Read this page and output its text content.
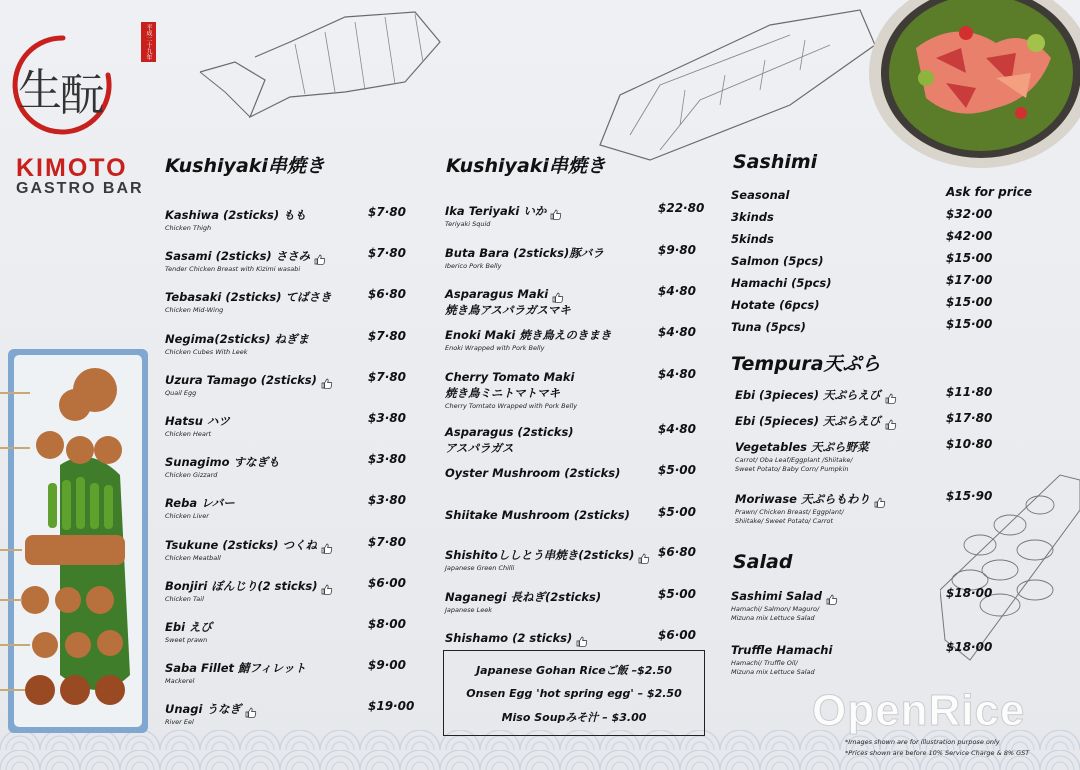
生
酛
平成二十九年
KIMOTO
GASTRO BAR
Kushiyaki串焼き
Kashiwa (2sticks) もも
Chicken Thigh
$7·80
Sasami (2sticks) ささみ
Tender Chicken Breast with Kizimi wasabi
$7·80
Tebasaki (2sticks) てばさき
Chicken Mid-Wing
$6·80
Negima(2sticks) ねぎま
Chicken Cubes With Leek
$7·80
Uzura Tamago (2sticks)
Quail Egg
$7·80
Hatsu ハツ
Chicken Heart
$3·80
Sunagimo すなぎも
Chicken Gizzard
$3·80
Reba レバー
Chicken Liver
$3·80
Tsukune (2sticks) つくね
Chicken Meatball
$7·80
Bonjiri ぼんじり(2 sticks)
Chicken Tail
$6·00
Ebi えび
Sweet prawn
$8·00
Saba Fillet 鯖フィレット
Mackerel
$9·00
Unagi うなぎ
River Eel
$19·00
Kushiyaki串焼き
Ika Teriyaki いか
Teriyaki Squid
$22·80
Buta Bara (2sticks)豚バラ
Iberico Pork Belly
$9·80
Asparagus Maki
焼き鳥アスパラガスマキ
$4·80
Enoki Maki 焼き鳥えのきまき
Enoki Wrapped with Pork Belly
$4·80
Cherry Tomato Maki
焼き鳥ミニトマトマキ
Cherry Tomtato Wrapped with Pork Belly
$4·80
Asparagus (2sticks)
アスパラガス
$4·80
Oyster Mushroom (2sticks)	$5·00
Shiitake Mushroom (2sticks) $5·00
Shishitoししとう串焼き(2sticks)
Japanese Green Chilli
$6·80
Naganegi 長ねぎ(2sticks)
Japanese Leek
$5·00
Shishamo (2 sticks)	$6·00
Japanese Gohan Riceご飯 –$2.50
Onsen Egg 'hot spring egg' – $2.50
Miso Soupみそ汁 – $3.00
Sashimi
Seasonal	Ask for price
3kinds	$32·00
5kinds	$42·00
Salmon (5pcs)	$15·00
Hamachi (5pcs)	$17·00
Hotate (6pcs)	$15·00
Tuna (5pcs)	$15·00
Tempura天ぷら
Ebi (3pieces) 天ぷらえび	$11·80
Ebi (5pieces) 天ぷらえび	$17·80
Vegetables 天ぷら野菜
Carrot/ Oba Leaf/Eggplant /Shiitake/
Sweet Potato/ Baby Corn/ Pumpkin
$10·80
Moriwase 天ぷらもわり
Prawn/ Chicken Breast/ Eggplant/
Shiitake/ Sweet Potato/ Carrot
$15·90
Salad
Sashimi Salad
Hamachi/ Salmon/ Maguro/
Mizuna mix Lettuce Salad
$18·00
Truffle Hamachi
Hamachi/ Truffle Oil/
Mizuna mix Lettuce Salad
$18·00
*Images shown are for illustration purpose only
*Prices shown are before 10% Service Charge & 8% GST
OpenRice
